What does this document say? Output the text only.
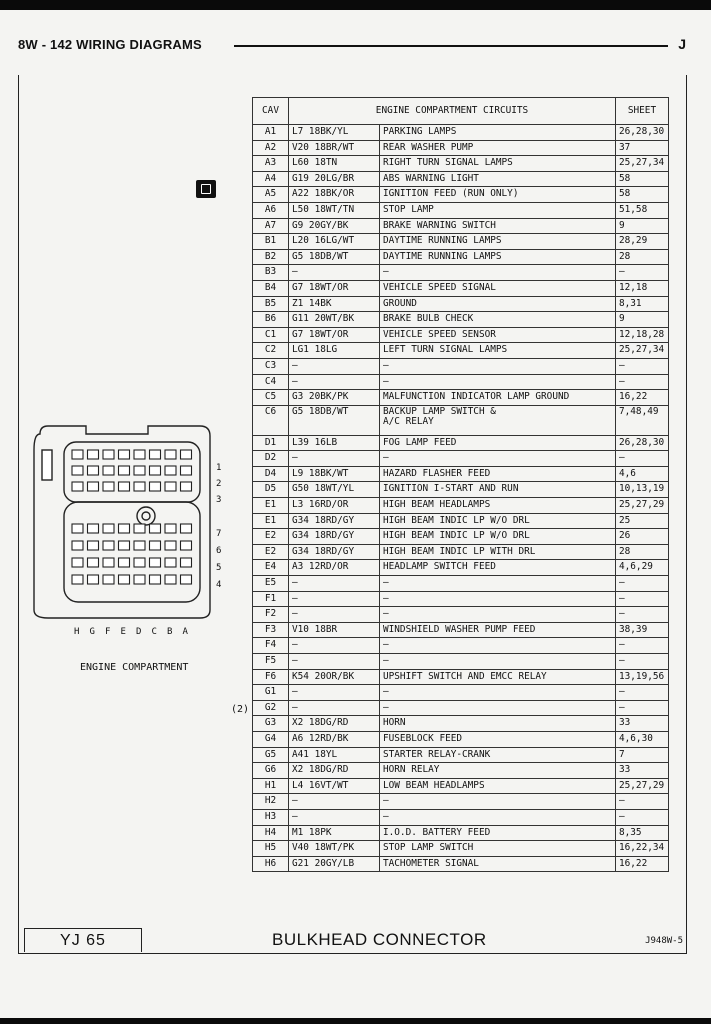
8W - 142 WIRING DIAGRAMS	J
CAV	ENGINE COMPARTMENT CIRCUITS		SHEET
A1	L7 18BK/YL	PARKING LAMPS	26,28,30
A2	V20 18BR/WT	REAR WASHER PUMP	37
A3	L60 18TN	RIGHT TURN SIGNAL LAMPS	25,27,34
A4	G19 20LG/BR	ABS WARNING LIGHT	58
A5	A22 18BK/OR	IGNITION FEED (RUN ONLY)	58
A6	L50 18WT/TN	STOP LAMP	51,58
A7	G9 20GY/BK	BRAKE WARNING SWITCH	9
B1	L20 16LG/WT	DAYTIME RUNNING LAMPS	28,29
B2	G5 18DB/WT	DAYTIME RUNNING LAMPS	28
B3	—	—	—
B4	G7 18WT/OR	VEHICLE SPEED SIGNAL	12,18
B5	Z1 14BK	GROUND	8,31
B6	G11 20WT/BK	BRAKE BULB CHECK	9
C1	G7 18WT/OR	VEHICLE SPEED SENSOR	12,18,28
C2	LG1 18LG	LEFT TURN SIGNAL LAMPS	25,27,34
C3	—	—	—
C4	—	—	—
C5	G3 20BK/PK	MALFUNCTION INDICATOR LAMP GROUND	16,22
C6	G5 18DB/WT	BACKUP LAMP SWITCH &
A/C RELAY	7,48,49
D1	L39 16LB	FOG LAMP FEED	26,28,30
D2	—	—	—
D4	L9 18BK/WT	HAZARD FLASHER FEED	4,6
D5	G50 18WT/YL	IGNITION I-START AND RUN	10,13,19
E1	L3 16RD/OR	HIGH BEAM HEADLAMPS	25,27,29
E1	G34 18RD/GY	HIGH BEAM INDIC LP W/O DRL	25
E2	G34 18RD/GY	HIGH BEAM INDIC LP W/O DRL	26
E2	G34 18RD/GY	HIGH BEAM INDIC LP WITH DRL	28
E4	A3 12RD/OR	HEADLAMP SWITCH FEED	4,6,29
E5	—	—	—
F1	—	—	—
F2	—	—	—
F3	V10 18BR	WINDSHIELD WASHER PUMP FEED	38,39
F4	—	—	—
F5	—	—	—
F6	K54 20OR/BK	UPSHIFT SWITCH AND EMCC RELAY	13,19,56
G1	—	—	—
G2	—	—	—
G3	X2 18DG/RD	HORN	33
G4	A6 12RD/BK	FUSEBLOCK FEED	4,6,30
G5	A41 18YL	STARTER RELAY-CRANK	7
G6	X2 18DG/RD	HORN RELAY	33
H1	L4 16VT/WT	LOW BEAM HEADLAMPS	25,27,29
H2	—	—	—
H3	—	—	—
H4	M1 18PK	I.O.D. BATTERY FEED	8,35
H5	V40 18WT/PK	STOP LAMP SWITCH	16,22,34
H6	G21 20GY/LB	TACHOMETER SIGNAL	16,22
(2)
1
2
3
7
6
5
4
H G F E D C B A
ENGINE COMPARTMENT
YJ 65	BULKHEAD CONNECTOR	J948W-5
